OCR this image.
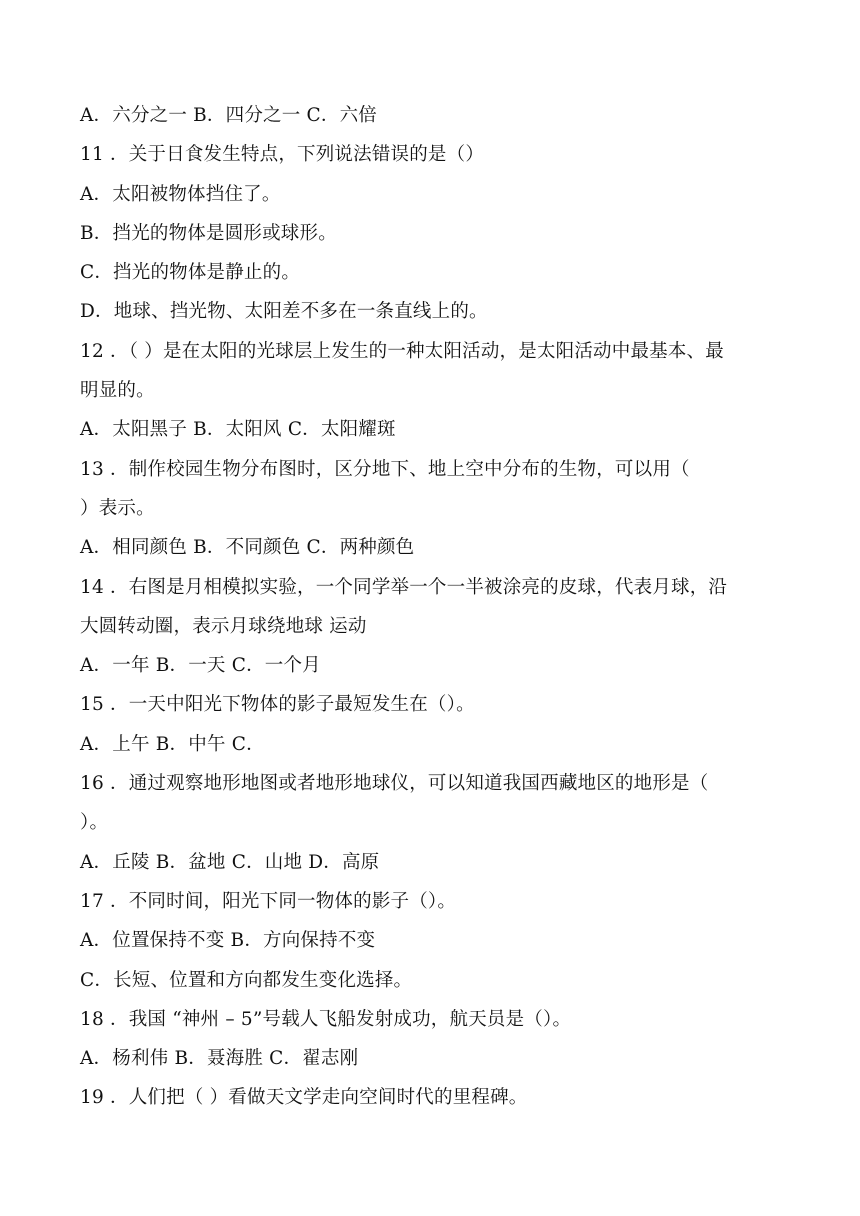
A．六分之一 B．四分之一 C．六倍
11 ．关于日食发生特点，下列说法错误的是（）
A．太阳被物体挡住了。
B．挡光的物体是圆形或球形。
C．挡光的物体是静止的。
D．地球、挡光物、太阳差不多在一条直线上的。
12 ．（ ）是在太阳的光球层上发生的一种太阳活动，是太阳活动中最基本、最
明显的。
A．太阳黑子 B．太阳风 C．太阳耀斑
13 ．制作校园生物分布图时，区分地下、地上空中分布的生物，可以用（
）表示。
A．相同颜色 B．不同颜色 C．两种颜色
14 ．右图是月相模拟实验，一个同学举一个一半被涂亮的皮球，代表月球，沿
大圆转动圈，表示月球绕地球 运动
A．一年 B．一天 C．一个月
15 ．一天中阳光下物体的影子最短发生在（）。
A．上午 B．中午 C．
16 ．通过观察地形地图或者地形地球仪，可以知道我国西藏地区的地形是（
）。
A．丘陵 B．盆地 C．山地 D．高原
17 ．不同时间，阳光下同一物体的影子（）。
A．位置保持不变 B．方向保持不变
C．长短、位置和方向都发生变化选择。
18 ．我国 “神州 – 5”号载人飞船发射成功，航天员是（）。
A．杨利伟 B．聂海胜 C．翟志刚
19 ．人们把（ ）看做天文学走向空间时代的里程碑。
